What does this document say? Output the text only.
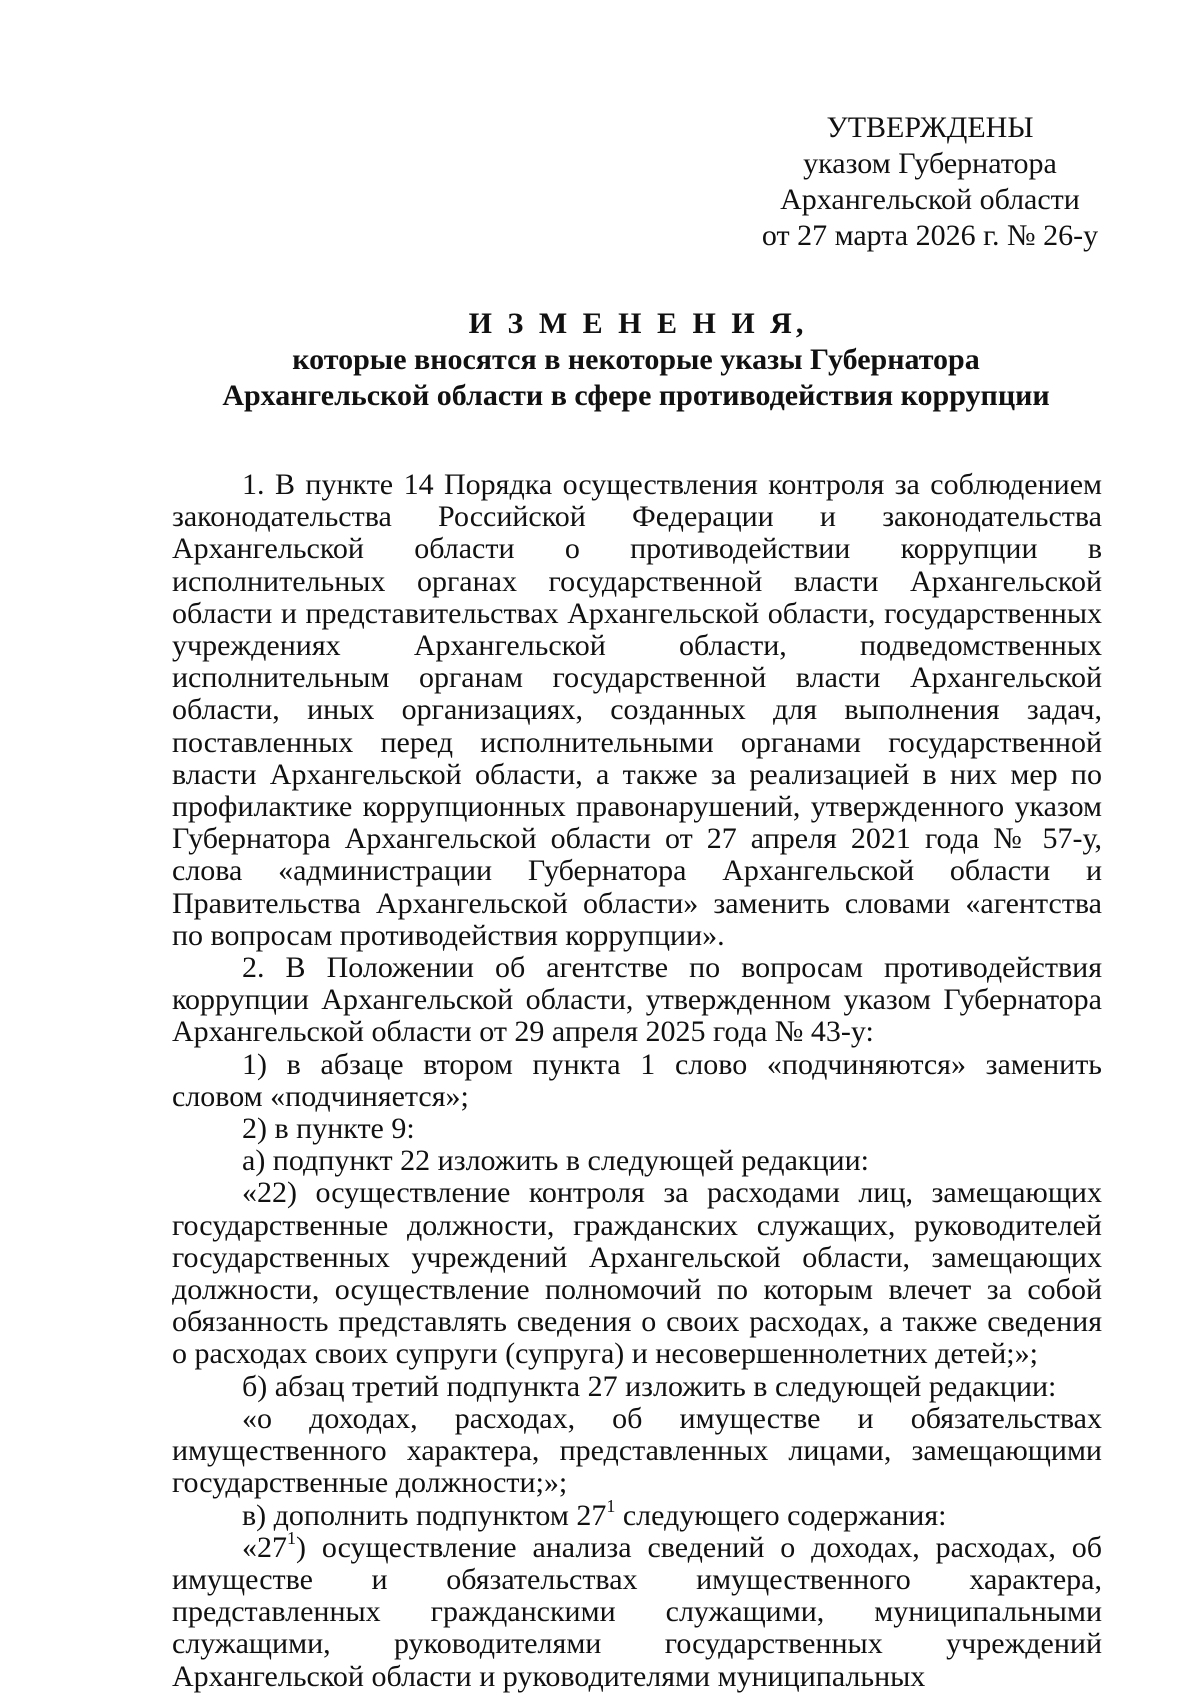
УТВЕРЖДЕНЫ
указом Губернатора
Архангельской области
от 27 марта 2026 г. № 26-у
И З М Е Н Е Н И Я,
которые вносятся в некоторые указы Губернатора
Архангельской области в сфере противодействия коррупции

1. В пункте 14 Порядка осуществления контроля за соблюдением законодательства Российской Федерации и законодательства Архангельской области о противодействии коррупции в исполнительных органах государственной власти Архангельской области и представительствах Архангельской области, государственных учреждениях Архангельской области, подведомственных исполнительным органам государственной власти Архангельской области, иных организациях, созданных для выполнения задач, поставленных перед исполнительными органами государственной власти Архангельской области, а также за реализацией в них мер по профилактике коррупционных правонарушений, утвержденного указом Губернатора Архангельской области от 27 апреля 2021 года № 57-у, слова «администрации Губернатора Архангельской области и Правительства Архангельской области» заменить словами «агентства по вопросам противодействия коррупции».

2. В Положении об агентстве по вопросам противодействия коррупции Архангельской области, утвержденном указом Губернатора Архангельской области от 29 апреля 2025 года № 43-у:

1) в абзаце втором пункта 1 слово «подчиняются» заменить словом «подчиняется»;

2) в пункте 9:

а) подпункт 22 изложить в следующей редакции:

«22) осуществление контроля за расходами лиц, замещающих государственные должности, гражданских служащих, руководителей государственных учреждений Архангельской области, замещающих должности, осуществление полномочий по которым влечет за собой обязанность представлять сведения о своих расходах, а также сведения о расходах своих супруги (супруга) и несовершеннолетних детей;»;

б) абзац третий подпункта 27 изложить в следующей редакции:

«о доходах, расходах, об имуществе и обязательствах имущественного характера, представленных лицами, замещающими государственные должности;»;

в) дополнить подпунктом $27^1$ следующего содержания:

«$27^1$) осуществление анализа сведений о доходах, расходах, об имуществе и обязательствах имущественного характера, представленных гражданскими служащими, муниципальными служащими, руководителями государственных учреждений Архангельской области и руководителями муниципальных
